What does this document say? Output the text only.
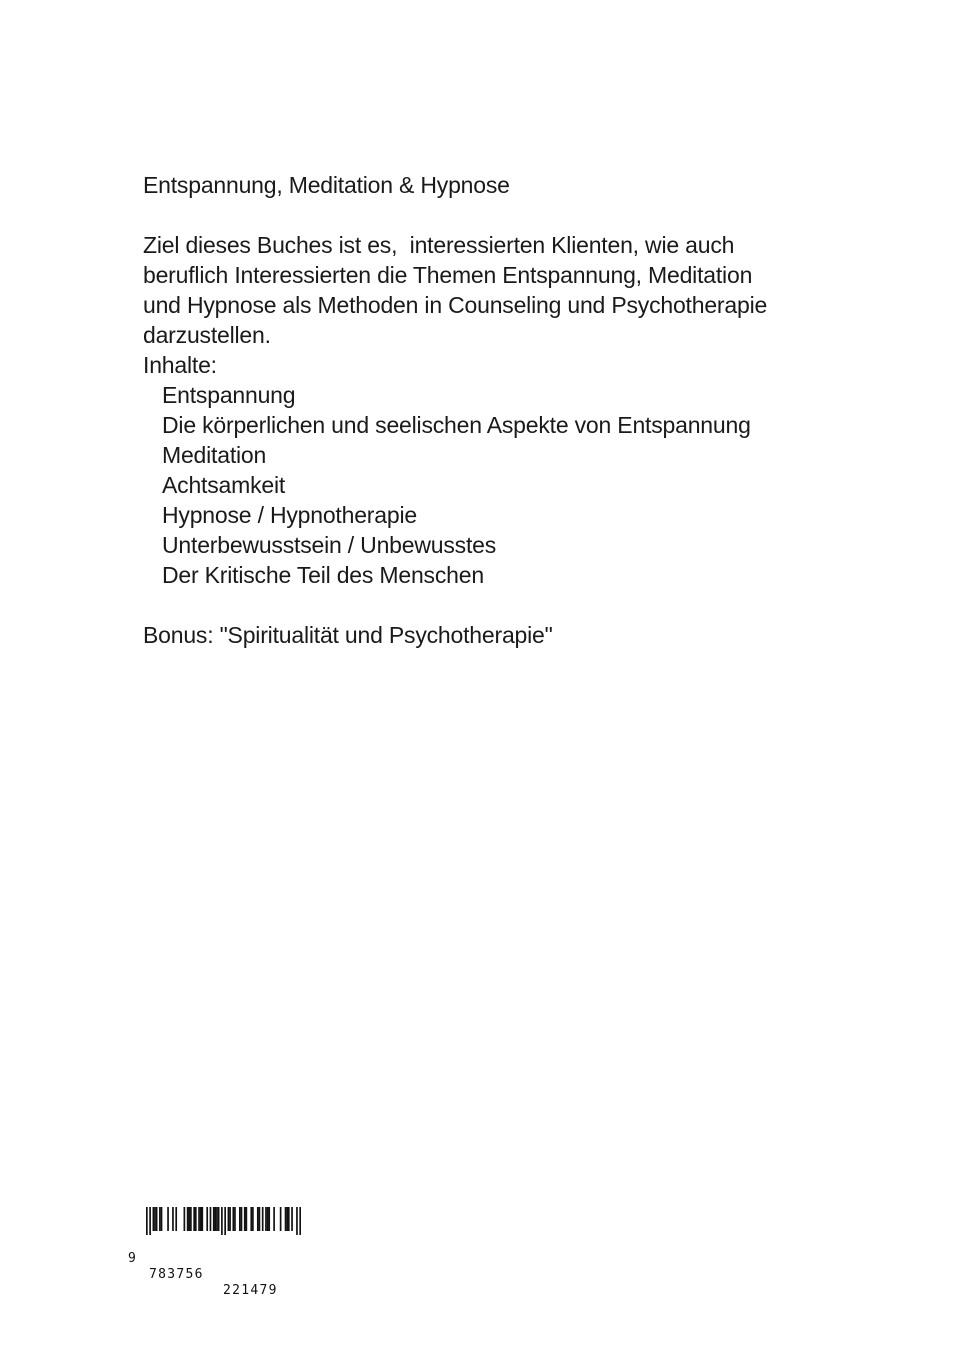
Entspannung, Meditation & Hypnose
Ziel dieses Buches ist es,  interessierten Klienten, wie auch
beruflich Interessierten die Themen Entspannung, Meditation
und Hypnose als Methoden in Counseling und Psychotherapie
darzustellen.
Inhalte:
Entspannung
Die körperlichen und seelischen Aspekte von Entspannung
Meditation
Achtsamkeit
Hypnose / Hypnotherapie
Unterbewusstsein / Unbewusstes
Der Kritische Teil des Menschen
Bonus: "Spiritualität und Psychotherapie"

9

783756

221479
